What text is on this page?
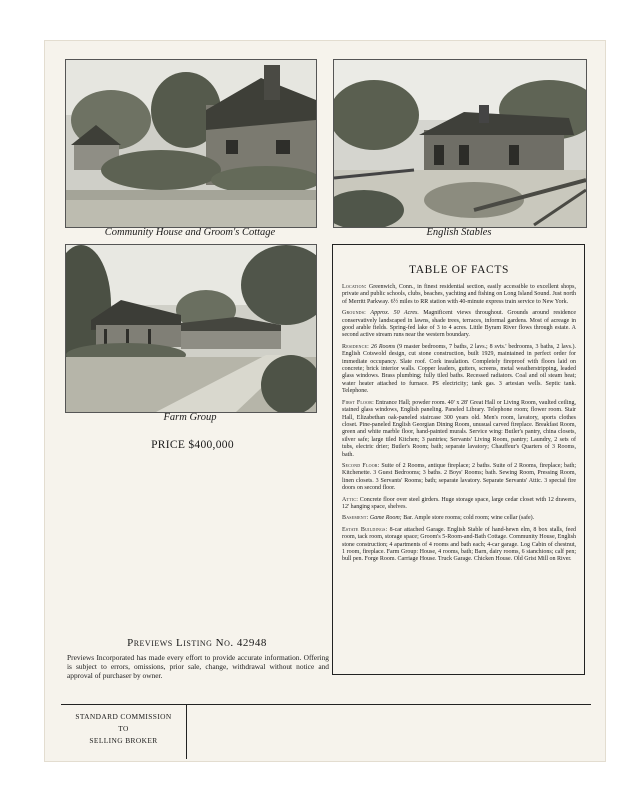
Community House and Groom's Cottage	English Stables
Farm Group
PRICE $400,000
TABLE OF FACTS

Location: Greenwich, Conn., in finest residential section, easily accessible to excellent shops, private and public schools, clubs, beaches, yachting and fishing on Long Island Sound. Just north of Merritt Parkway. 6½ miles to RR station with 40-minute express train service to New York.

Grounds: Approx. 50 Acres. Magnificent views throughout. Grounds around residence conservatively landscaped in lawns, shade trees, terraces, informal gardens. Most of acreage in good arable fields. Spring-fed lake of 3 to 4 acres. Little Byram River flows through estate. A second active stream runs near the western boundary.

Residence: 26 Rooms (9 master bedrooms, 7 baths, 2 lavs.; 8 svts.' bedrooms, 3 baths, 2 lavs.). English Cotswold design, cut stone construction, built 1929, maintained in perfect order for immediate occupancy. Slate roof. Cork insulation. Completely fireproof with floors laid on concrete; brick interior walls. Copper leaders, gutters, screens, metal weatherstripping, leaded glass windows. Brass plumbing; fully tiled baths. Recessed radiators. Coal and oil steam heat; water heater attached to furnace. PS electricity; tank gas. 3 artesian wells. Septic tank. Telephone.

First Floor: Entrance Hall; powder room. 40' x 28' Great Hall or Living Room, vaulted ceiling, stained glass windows, English paneling. Paneled Library. Telephone room; flower room. Stair Hall, Elizabethan oak-paneled staircase 300 years old. Men's room, lavatory, sports clothes closet. Pine-paneled English Georgian Dining Room, unusual carved fireplace. Breakfast Room, green and white marble floor, hand-painted murals. Service wing: Butler's pantry, china closets, silver safe; large tiled Kitchen; 3 pantries; Servants' Living Room, pantry; Laundry, 2 sets of tubs, electric drier; Butler's Room; bath; separate lavatory; Chauffeur's Quarters of 3 Rooms, bath.

Second Floor: Suite of 2 Rooms, antique fireplace; 2 baths. Suite of 2 Rooms, fireplace; bath; Kitchenette. 3 Guest Bedrooms; 3 baths. 2 Boys' Rooms; bath. Sewing Room, Pressing Room, linen closets. 3 Servants' Rooms; bath; separate lavatory. Separate Servants' Attic. 3 special fire doors on second floor.

Attic: Concrete floor over steel girders. Huge storage space, large cedar closet with 12 drawers, 12' hanging space, shelves.

Basement: Game Room; Bar. Ample store rooms; cold room; wine cellar (safe).

Estate Buildings: 8-car attached Garage. English Stable of hand-hewn elm, 8 box stalls, feed room, tack room, storage space; Groom's 5-Room-and-Bath Cottage. Community House, English stone construction; 4 apartments of 4 rooms and bath each; 4-car garage. Log Cabin of chestnut, 1 room, fireplace. Farm Group: House, 4 rooms, bath; Barn, dairy rooms, 6 stanchions; calf pen; bull pen. Forge Room. Carriage House. Truck Garage. Chicken House. Old Grist Mill on River.

Previews Listing No. 42948
Previews Incorporated has made every effort to provide accurate information. Offering is subject to errors, omissions, prior sale, change, withdrawal without notice and approval of purchaser by owner.
STANDARD COMMISSION
TO
SELLING BROKER
